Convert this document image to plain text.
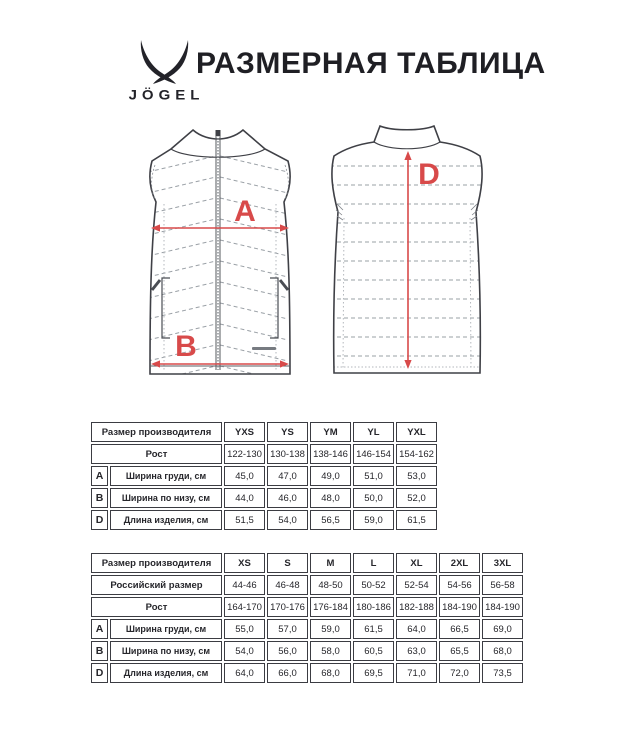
JÖGEL
РАЗМЕРНАЯ ТАБЛИЦА
A
B
D
Размер производителя		YXS	YS	YM	YL	YXL
Рост		122-130	130-138	138-146	146-154	154-162
A	Ширина груди, см	45,0	47,0	49,0	51,0	53,0
B	Ширина по низу, см	44,0	46,0	48,0	50,0	52,0
D	Длина изделия, см	51,5	54,0	56,5	59,0	61,5
Размер производителя		XS	S	M	L	XL	2XL	3XL
Российский размер		44-46	46-48	48-50	50-52	52-54	54-56	56-58
Рост		164-170	170-176	176-184	180-186	182-188	184-190	184-190
A	Ширина груди, см	55,0	57,0	59,0	61,5	64,0	66,5	69,0
B	Ширина по низу, см	54,0	56,0	58,0	60,5	63,0	65,5	68,0
D	Длина изделия, см	64,0	66,0	68,0	69,5	71,0	72,0	73,5
